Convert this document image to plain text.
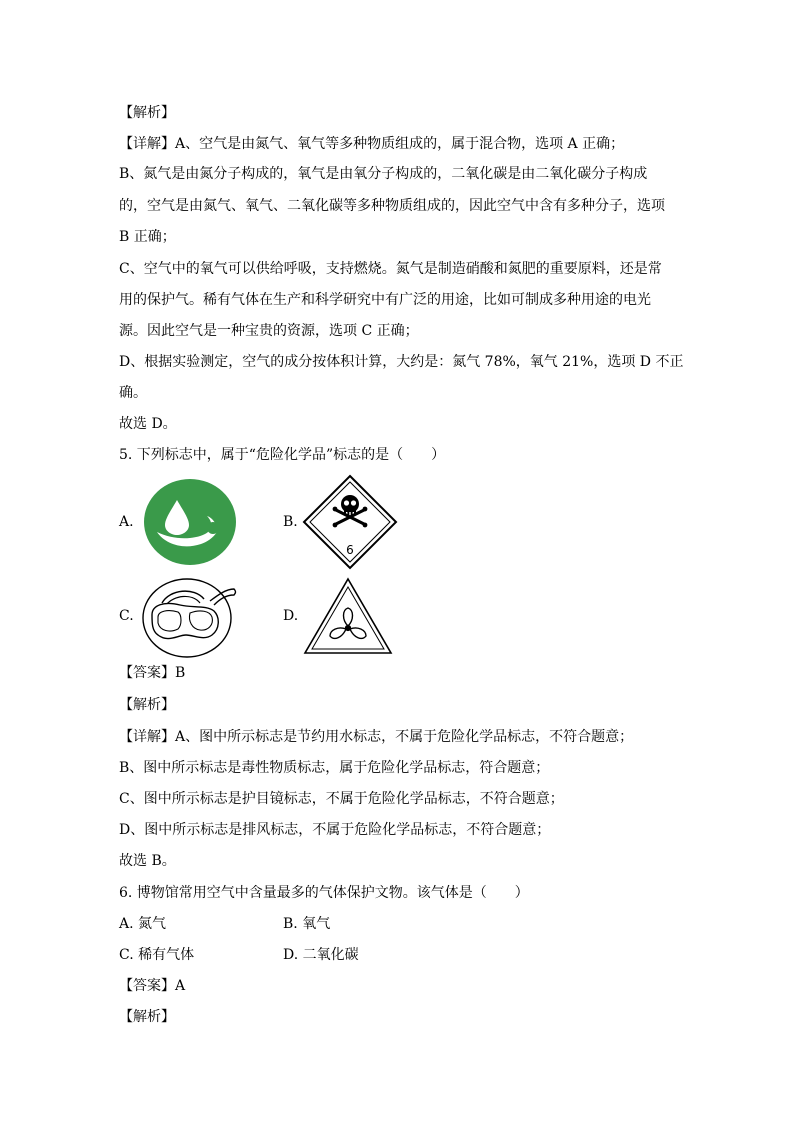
【解析】
【详解】A、空气是由氮气、氧气等多种物质组成的，属于混合物，选项 A 正确；
B、氮气是由氮分子构成的，氧气是由氧分子构成的，二氧化碳是由二氧化碳分子构成
的，空气是由氮气、氧气、二氧化碳等多种物质组成的，因此空气中含有多种分子，选项
B 正确；
C、空气中的氧气可以供给呼吸，支持燃烧。氮气是制造硝酸和氮肥的重要原料，还是常
用的保护气。稀有气体在生产和科学研究中有广泛的用途，比如可制成多种用途的电光
源。因此空气是一种宝贵的资源，选项 C 正确；
D、根据实验测定，空气的成分按体积计算，大约是：氮气 78%，氧气 21%，选项 D 不正
确。
故选 D。
5. 下列标志中，属于“危险化学品”标志的是（　　）
A.	B.
6
C.	D.
【答案】B
【解析】
【详解】A、图中所示标志是节约用水标志，不属于危险化学品标志，不符合题意；
B、图中所示标志是毒性物质标志，属于危险化学品标志，符合题意；
C、图中所示标志是护目镜标志，不属于危险化学品标志，不符合题意；
D、图中所示标志是排风标志，不属于危险化学品标志，不符合题意；
故选 B。
6. 博物馆常用空气中含量最多的气体保护文物。该气体是（　　）
A. 氮气	B. 氧气
C. 稀有气体	D. 二氧化碳
【答案】A
【解析】
